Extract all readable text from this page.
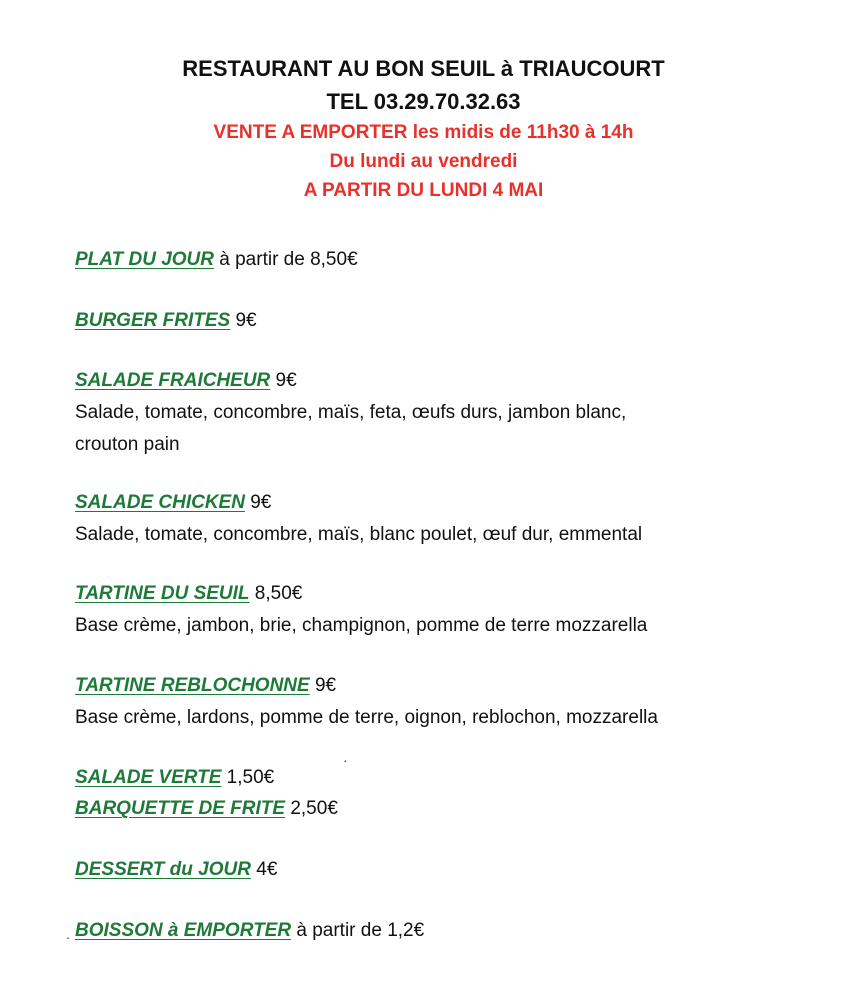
RESTAURANT AU BON SEUIL à TRIAUCOURT
TEL 03.29.70.32.63
VENTE A EMPORTER les midis de 11h30 à 14h
Du lundi au vendredi
A PARTIR DU LUNDI 4 MAI
PLAT DU JOUR à partir de 8,50€
BURGER FRITES 9€
SALADE FRAICHEUR 9€
Salade, tomate, concombre, maïs, feta, œufs durs, jambon blanc,
crouton pain
SALADE CHICKEN 9€
Salade, tomate, concombre, maïs, blanc poulet, œuf dur, emmental
TARTINE DU SEUIL 8,50€
Base crème, jambon, brie, champignon, pomme de terre mozzarella
TARTINE REBLOCHONNE 9€
Base crème, lardons, pomme de terre, oignon, reblochon, mozzarella
SALADE VERTE 1,50€
BARQUETTE DE FRITE 2,50€
DESSERT du JOUR 4€
BOISSON à EMPORTER à partir de 1,2€
.
·
